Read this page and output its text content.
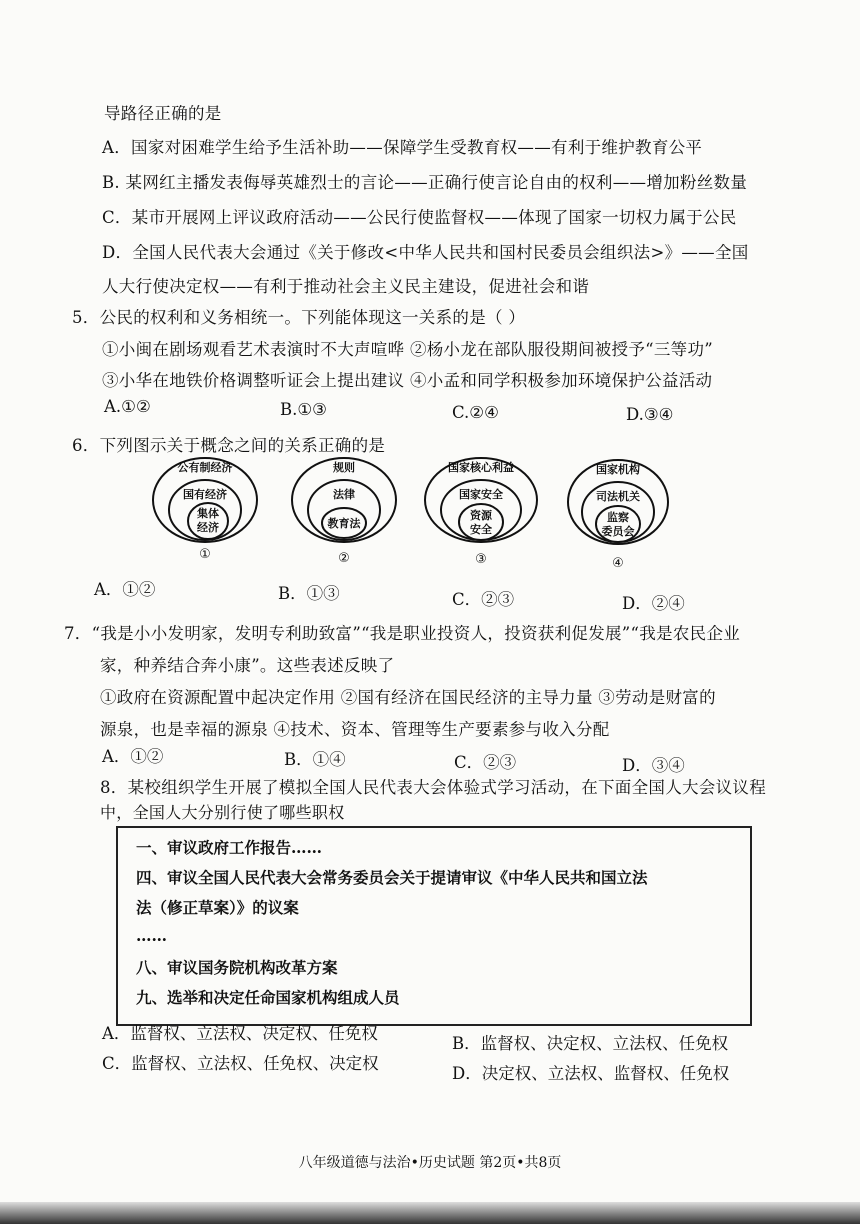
导路径正确的是
A．国家对困难学生给予生活补助——保障学生受教育权——有利于维护教育公平
B. 某网红主播发表侮辱英雄烈士的言论——正确行使言论自由的权利——增加粉丝数量
C．某市开展网上评议政府活动——公民行使监督权——体现了国家一切权力属于公民
D．全国人民代表大会通过《关于修改<中华人民共和国村民委员会组织法>》——全国
人大行使决定权——有利于推动社会主义民主建设，促进社会和谐
5．公民的权利和义务相统一。下列能体现这一关系的是（ ）
①小闽在剧场观看艺术表演时不大声喧哗 ②杨小龙在部队服役期间被授予“三等功”
③小华在地铁价格调整听证会上提出建议 ④小孟和同学积极参加环境保护公益活动
A.①②	B.①③	C.②④	D.③④
6．下列图示关于概念之间的关系正确的是
公有制经济
国有经济
集体
经济
①
规则
法律
教育法
②
国家核心利益
国家安全
资源
安全
③
国家机构
司法机关
监察
委员会
④
A．①②	B．①③	C．②③	D．②④
7．“我是小小发明家，发明专利助致富”“我是职业投资人，投资获利促发展”“我是农民企业
家，种养结合奔小康”。这些表述反映了
①政府在资源配置中起决定作用 ②国有经济在国民经济的主导力量 ③劳动是财富的
源泉，也是幸福的源泉 ④技术、资本、管理等生产要素参与收入分配
A．①②	B．①④	C．②③	D．③④
8．某校组织学生开展了模拟全国人民代表大会体验式学习活动，在下面全国人大会议议程
中，全国人大分别行使了哪些职权
一、审议政府工作报告……
四、审议全国人民代表大会常务委员会关于提请审议《中华人民共和国立法
法（修正草案）》的议案
……
八、审议国务院机构改革方案
九、选举和决定任命国家机构组成人员
A．监督权、立法权、决定权、任免权
B．监督权、决定权、立法权、任免权
C．监督权、立法权、任免权、决定权
D．决定权、立法权、监督权、任免权
八年级道德与法治•历史试题 第2页•共8页
